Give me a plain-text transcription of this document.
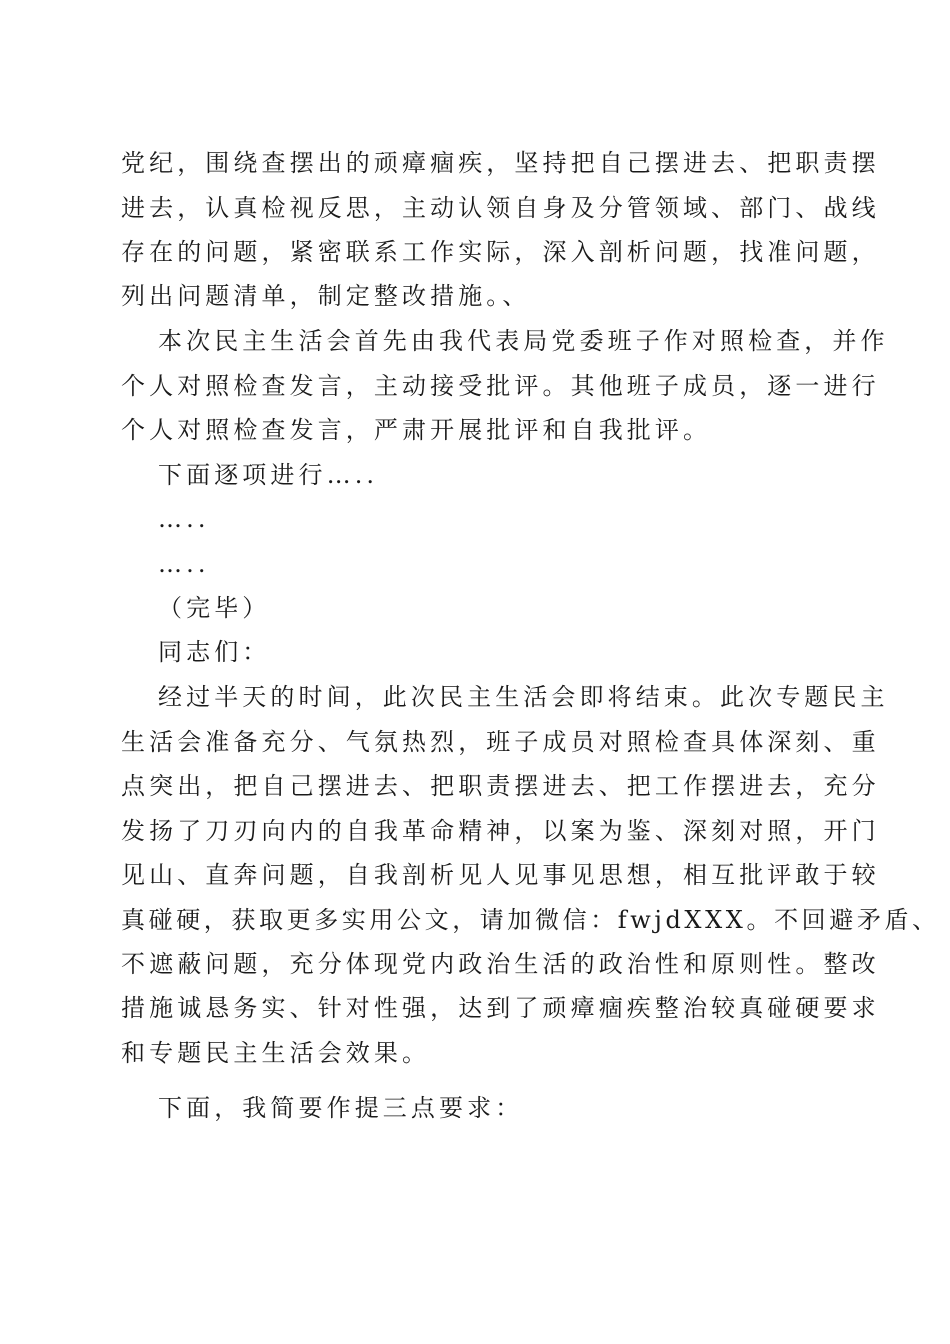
党纪，围绕查摆出的顽瘴痼疾，坚持把自己摆进去、把职责摆

进去，认真检视反思，主动认领自身及分管领域、部门、战线

存在的问题，紧密联系工作实际，深入剖析问题，找准问题，

列出问题清单，制定整改措施。、

本次民主生活会首先由我代表局党委班子作对照检查，并作

个人对照检查发言，主动接受批评。其他班子成员，逐一进行

个人对照检查发言，严肃开展批评和自我批评。

下面逐项进行…..

…..

…..

（完毕）

同志们：

经过半天的时间，此次民主生活会即将结束。此次专题民主

生活会准备充分、气氛热烈，班子成员对照检查具体深刻、重

点突出，把自己摆进去、把职责摆进去、把工作摆进去，充分

发扬了刀刃向内的自我革命精神，以案为鉴、深刻对照，开门

见山、直奔问题，自我剖析见人见事见思想，相互批评敢于较

真碰硬，获取更多实用公文，请加微信：fwjdXXX。不回避矛盾、

不遮蔽问题，充分体现党内政治生活的政治性和原则性。整改

措施诚恳务实、针对性强，达到了顽瘴痼疾整治较真碰硬要求

和专题民主生活会效果。

下面，我简要作提三点要求：
